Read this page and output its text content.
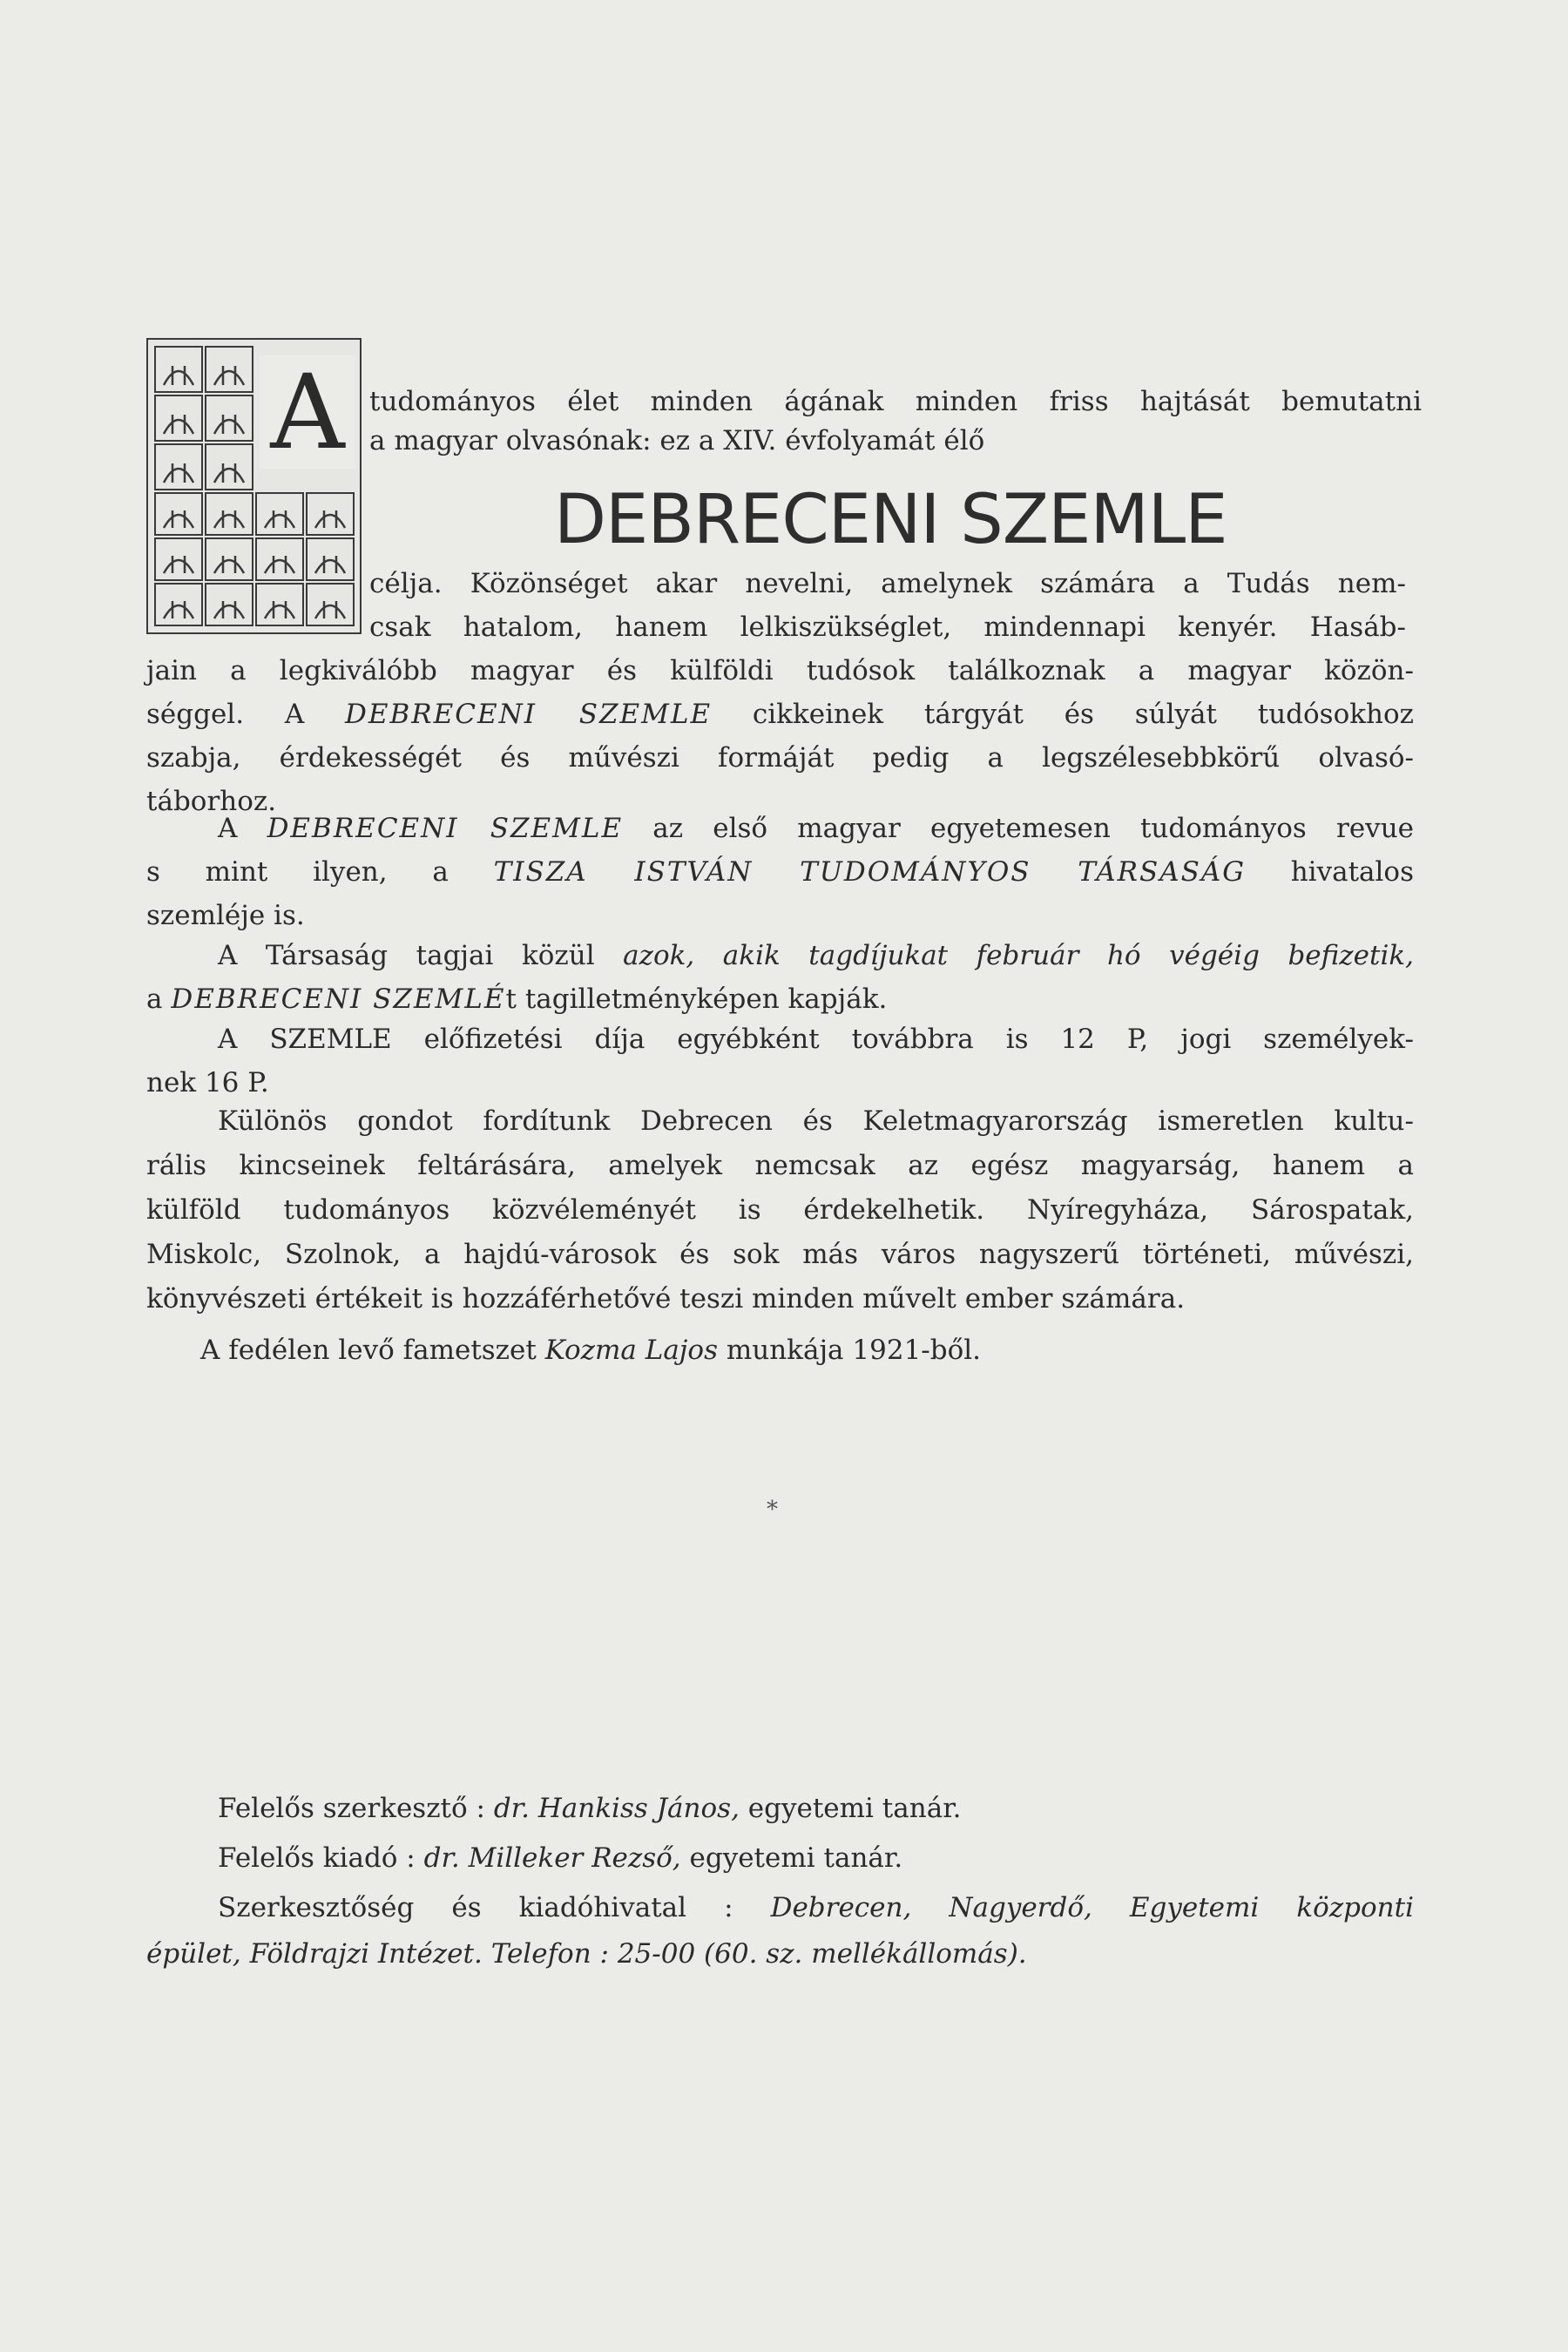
A tudományos élet minden ágának minden friss hajtását bemutatni
a magyar olvasónak: ez a XIV. évfolyamát élő
DEBRECENI SZEMLE
célja. Közönséget akar nevelni, amelynek számára a Tudás nem-
csak hatalom, hanem lelkiszükséglet, mindennapi kenyér. Hasáb-
jain a legkiválóbb magyar és külföldi tudósok találkoznak a magyar közön-
séggel. A DEBRECENI SZEMLE cikkeinek tárgyát és súlyát tudósokhoz
szabja, érdekességét és művészi formáját pedig a legszélesebbkörű olvasó-
táborhoz.
A DEBRECENI SZEMLE az első magyar egyetemesen tudományos revue
s mint ilyen, a TISZA ISTVÁN TUDOMÁNYOS TÁRSASÁG hivatalos
szemléje is.
A Társaság tagjai közül azok, akik tagdíjukat február hó végéig befizetik,
a DEBRECENI SZEMLÉt tagilletményképen kapják.
A SZEMLE előfizetési díja egyébként továbbra is 12 P, jogi személyek-
nek 16 P.
Különös gondot fordítunk Debrecen és Keletmagyarország ismeretlen kultu-
rális kincseinek feltárására, amelyek nemcsak az egész magyarság, hanem a
külföld tudományos közvéleményét is érdekelhetik. Nyíregyháza, Sárospatak,
Miskolc, Szolnok, a hajdú-városok és sok más város nagyszerű történeti, művészi,
könyvészeti értékeit is hozzáférhetővé teszi minden művelt ember számára.
A fedélen levő fametszet Kozma Lajos munkája 1921-ből.
*
Felelős szerkesztő : dr. Hankiss János, egyetemi tanár.
Felelős kiadó : dr. Milleker Rezső, egyetemi tanár.
Szerkesztőség és kiadóhivatal : Debrecen, Nagyerdő, Egyetemi központi
épület, Földrajzi Intézet. Telefon : 25-00 (60. sz. mellékállomás).
